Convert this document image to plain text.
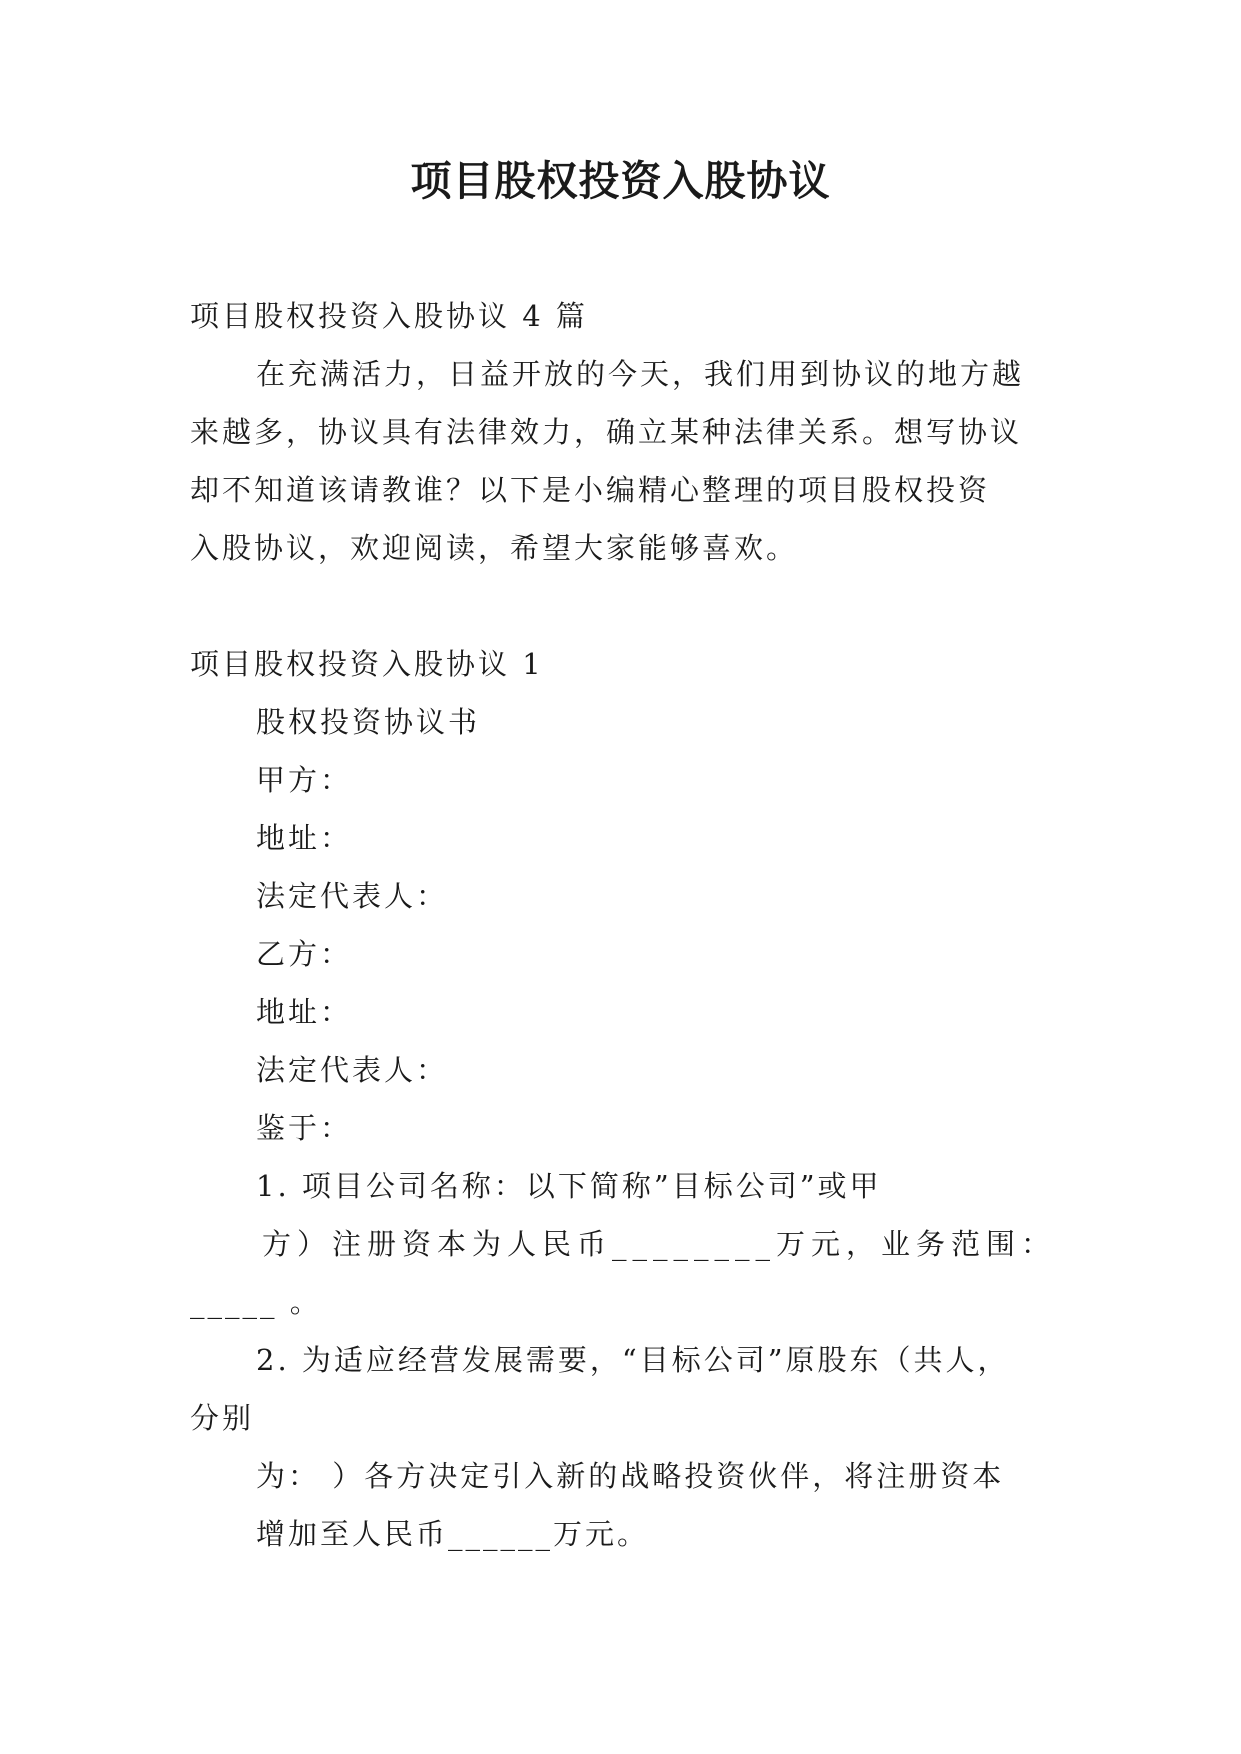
项目股权投资入股协议
项目股权投资入股协议 4 篇
在充满活力，日益开放的今天，我们用到协议的地方越
来越多，协议具有法律效力，确立某种法律关系。想写协议
却不知道该请教谁？以下是小编精心整理的项目股权投资
入股协议，欢迎阅读，希望大家能够喜欢。
项目股权投资入股协议 1
股权投资协议书
甲方：
地址：
法定代表人：
乙方：
地址：
法定代表人：
鉴于：
1. 项目公司名称：以下简称”目标公司”或甲
方）注册资本为人民币________万元，业务范围：
_____ 。
2. 为适应经营发展需要，“目标公司”原股东（共人，
分别
为： ）各方决定引入新的战略投资伙伴，将注册资本
增加至人民币______万元。
